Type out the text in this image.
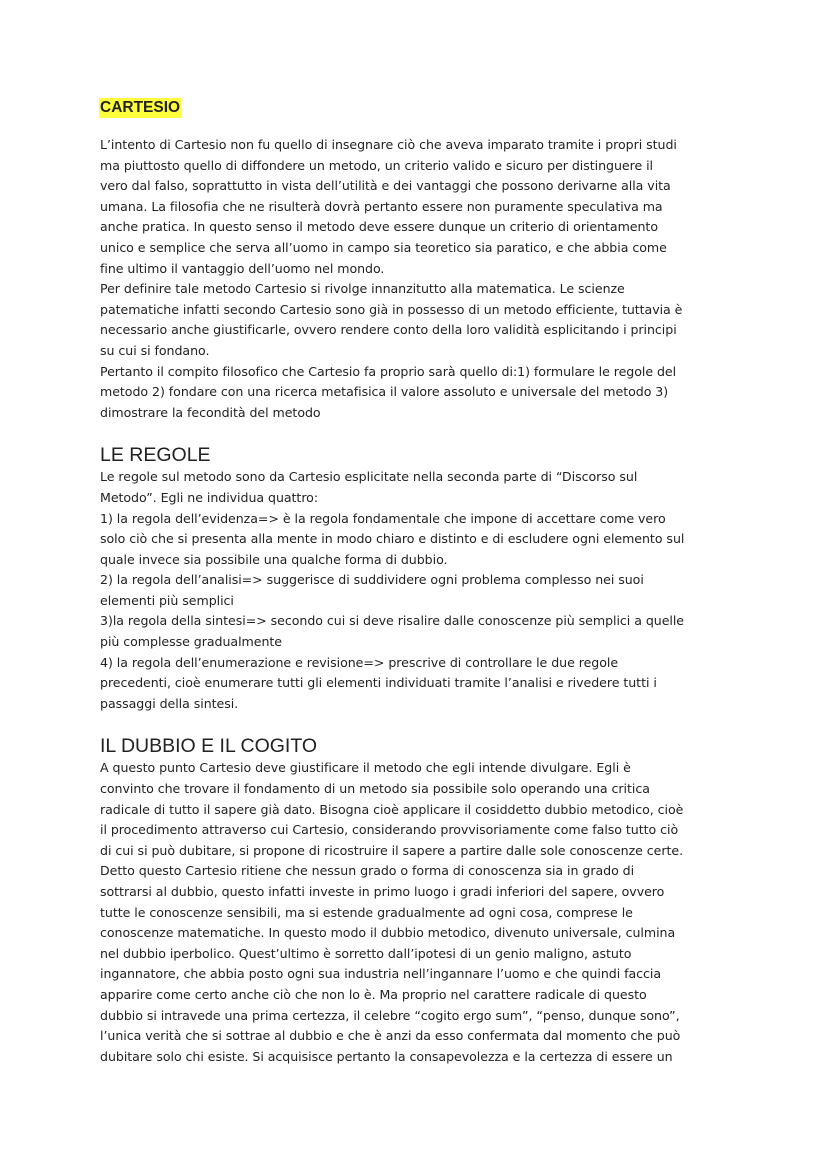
CARTESIO
L’intento di Cartesio non fu quello di insegnare ciò che aveva imparato tramite i propri studi
ma piuttosto quello di diffondere un metodo, un criterio valido e sicuro per distinguere il
vero dal falso, soprattutto in vista dell’utilità e dei vantaggi che possono derivarne alla vita
umana. La filosofia che ne risulterà dovrà pertanto essere non puramente speculativa ma
anche pratica. In questo senso il metodo deve essere dunque un criterio di orientamento
unico e semplice che serva all’uomo in campo sia teoretico sia paratico, e che abbia come
fine ultimo il vantaggio dell’uomo nel mondo.
Per definire tale metodo Cartesio si rivolge innanzitutto alla matematica. Le scienze
patematiche infatti secondo Cartesio sono già in possesso di un metodo efficiente, tuttavia è
necessario anche giustificarle, ovvero rendere conto della loro validità esplicitando i principi
su cui si fondano.
Pertanto il compito filosofico che Cartesio fa proprio sarà quello di:1) formulare le regole del
metodo 2) fondare con una ricerca metafisica il valore assoluto e universale del metodo 3)
dimostrare la fecondità del metodo
LE REGOLE
Le regole sul metodo sono da Cartesio esplicitate nella seconda parte di “Discorso sul
Metodo”. Egli ne individua quattro:
1) la regola dell’evidenza=> è la regola fondamentale che impone di accettare come vero
solo ciò che si presenta alla mente in modo chiaro e distinto e di escludere ogni elemento sul
quale invece sia possibile una qualche forma di dubbio.
2) la regola dell’analisi=> suggerisce di suddividere ogni problema complesso nei suoi
elementi più semplici
3)la regola della sintesi=> secondo cui si deve risalire dalle conoscenze più semplici a quelle
più complesse gradualmente
4) la regola dell’enumerazione e revisione=> prescrive di controllare le due regole
precedenti, cioè enumerare tutti gli elementi individuati tramite l’analisi e rivedere tutti i
passaggi della sintesi.
IL DUBBIO E IL COGITO
A questo punto Cartesio deve giustificare il metodo che egli intende divulgare. Egli è
convinto che trovare il fondamento di un metodo sia possibile solo operando una critica
radicale di tutto il sapere già dato. Bisogna cioè applicare il cosiddetto dubbio metodico, cioè
il procedimento attraverso cui Cartesio, considerando provvisoriamente come falso tutto ciò
di cui si può dubitare, si propone di ricostruire il sapere a partire dalle sole conoscenze certe.
Detto questo Cartesio ritiene che nessun grado o forma di conoscenza sia in grado di
sottrarsi al dubbio, questo infatti investe in primo luogo i gradi inferiori del sapere, ovvero
tutte le conoscenze sensibili, ma si estende gradualmente ad ogni cosa, comprese le
conoscenze matematiche. In questo modo il dubbio metodico, divenuto universale, culmina
nel dubbio iperbolico. Quest’ultimo è sorretto dall’ipotesi di un genio maligno, astuto
ingannatore, che abbia posto ogni sua industria nell’ingannare l’uomo e che quindi faccia
apparire come certo anche ciò che non lo è. Ma proprio nel carattere radicale di questo
dubbio si intravede una prima certezza, il celebre “cogito ergo sum”, “penso, dunque sono”,
l’unica verità che si sottrae al dubbio e che è anzi da esso confermata dal momento che può
dubitare solo chi esiste. Si acquisisce pertanto la consapevolezza e la certezza di essere un
